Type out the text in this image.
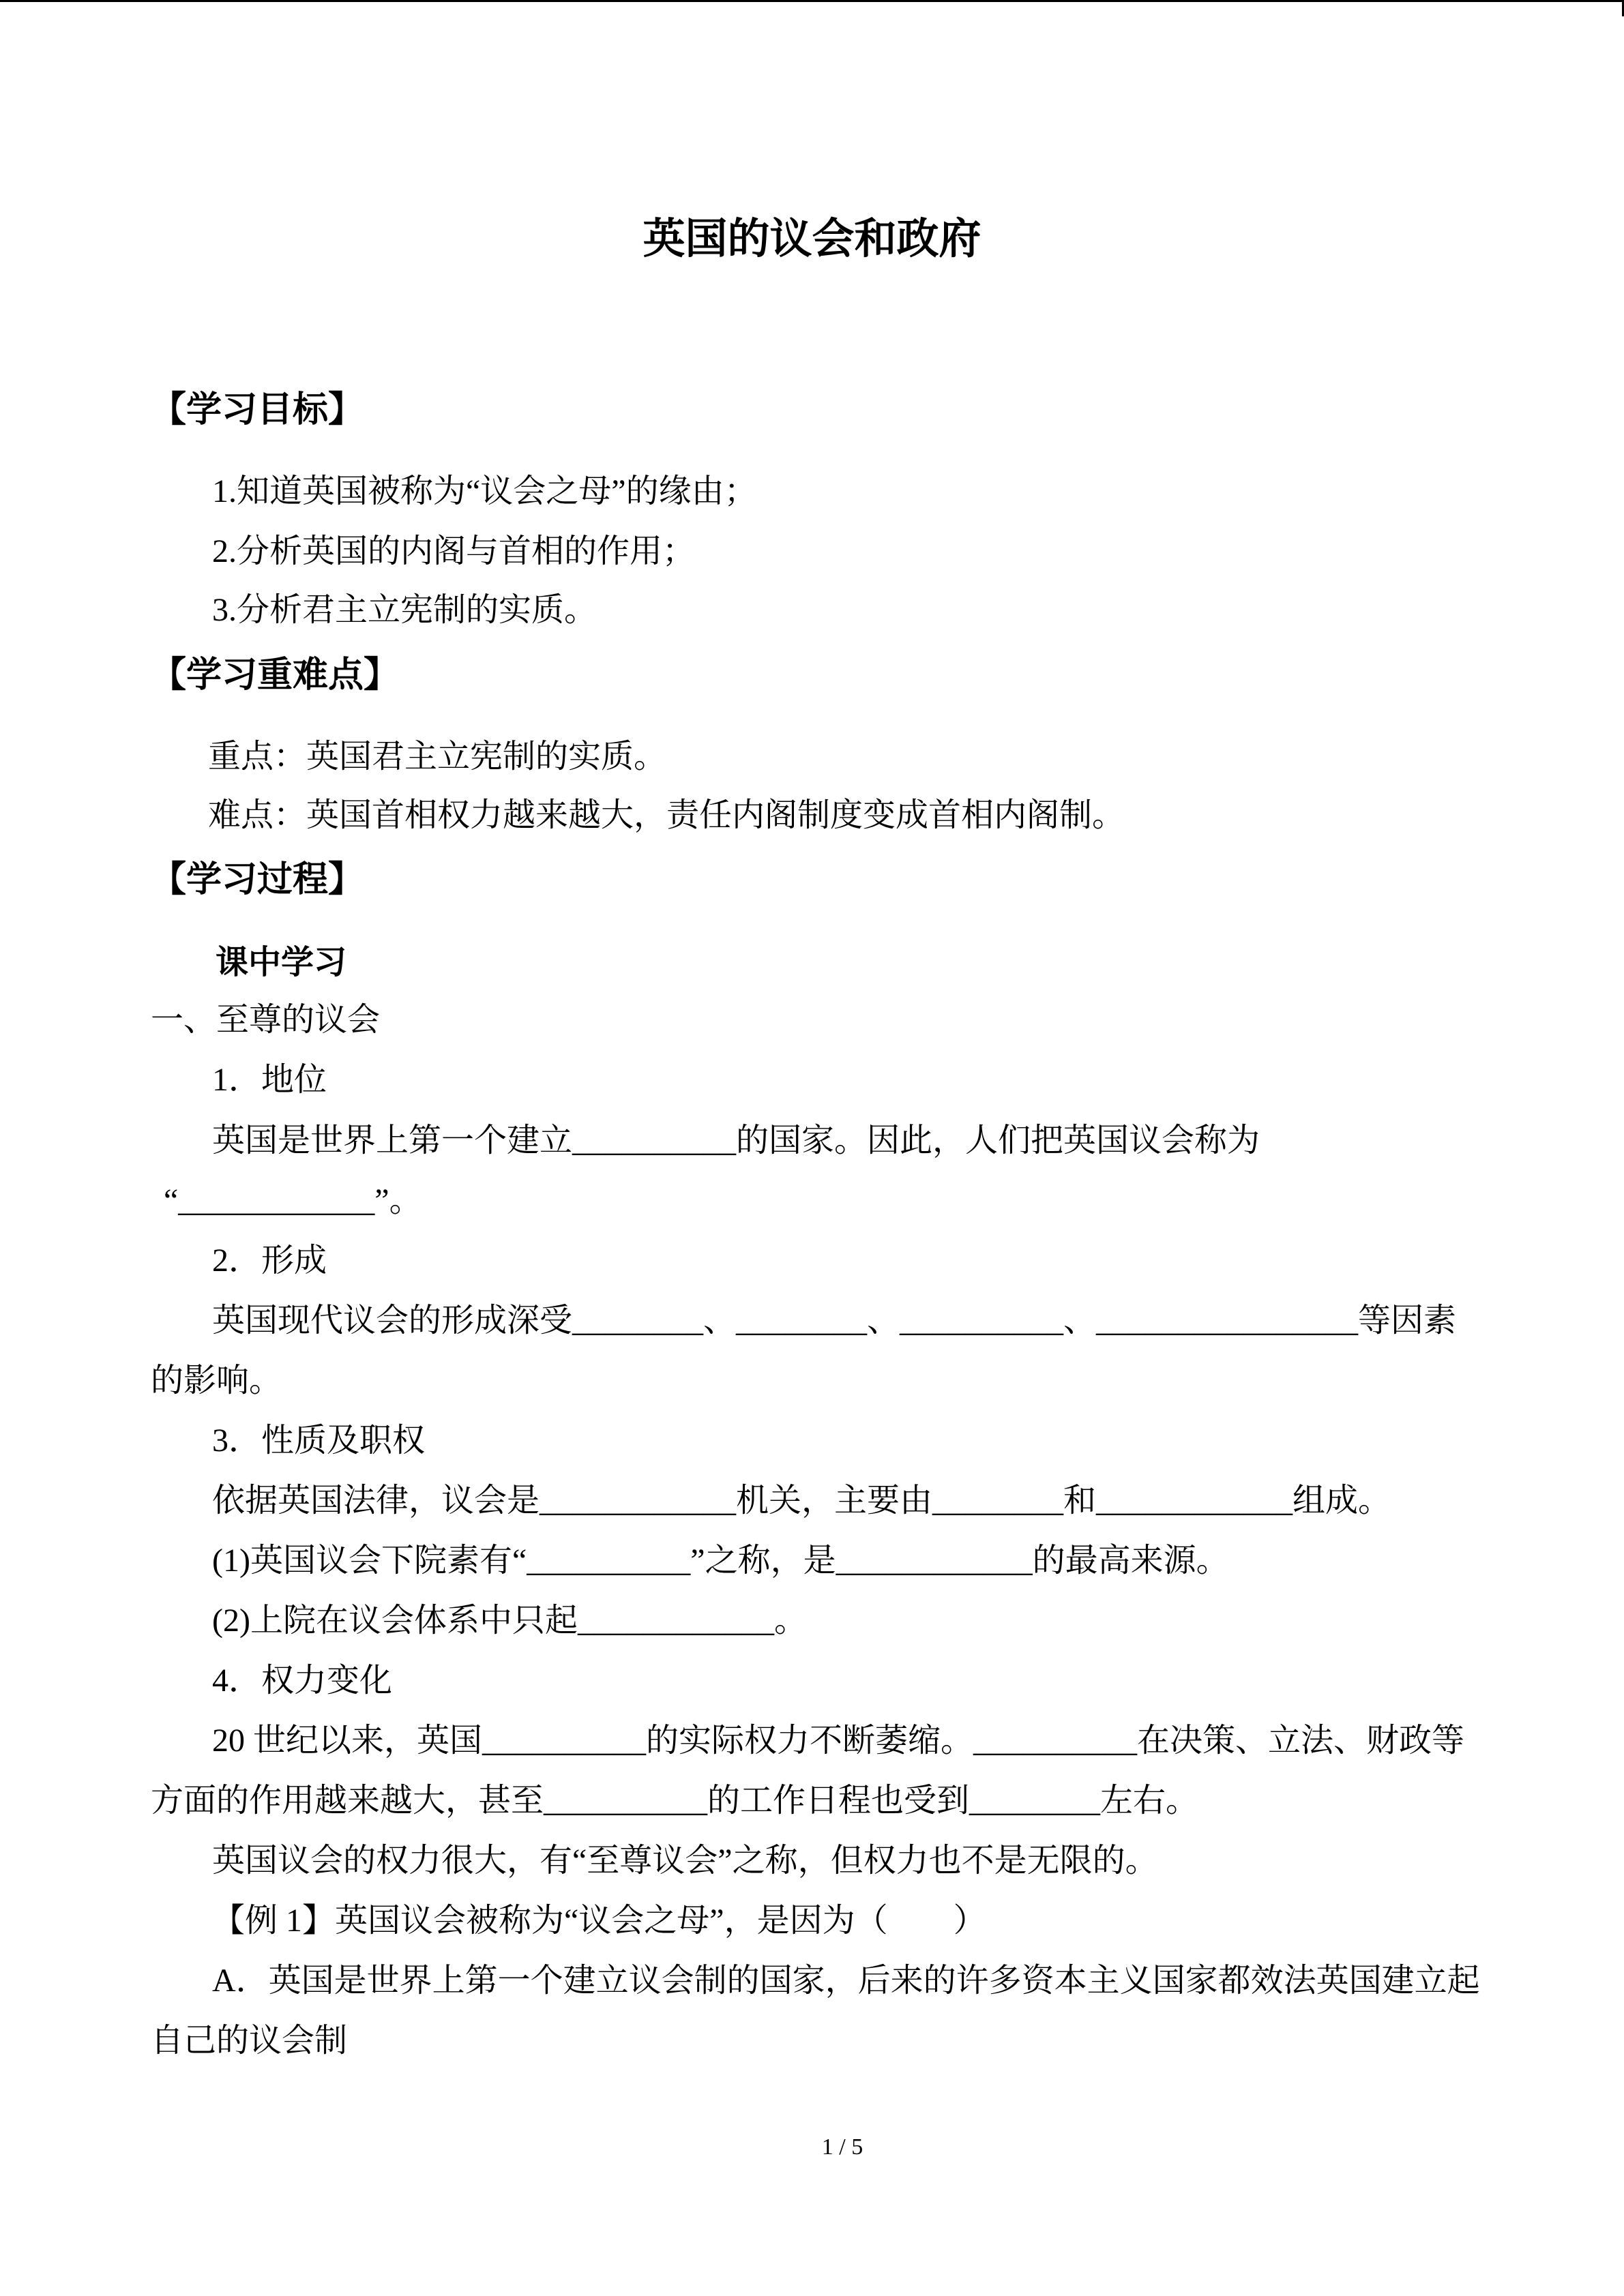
英国的议会和政府
【学习目标】
1.知道英国被称为“议会之母”的缘由；
2.分析英国的内阁与首相的作用；
3.分析君主立宪制的实质。
【学习重难点】
重点：英国君主立宪制的实质。
难点：英国首相权力越来越大，责任内阁制度变成首相内阁制。
【学习过程】
课中学习
一、至尊的议会
1．地位
英国是世界上第一个建立__________的国家。因此，人们把英国议会称为
“____________”。
2．形成
英国现代议会的形成深受________、________、__________、________________等因素
的影响。
3．性质及职权
依据英国法律，议会是____________机关，主要由________和____________组成。
(1)英国议会下院素有“__________”之称，是____________的最高来源。
(2)上院在议会体系中只起____________。
4．权力变化
20 世纪以来，英国__________的实际权力不断萎缩。__________在决策、立法、财政等
方面的作用越来越大，甚至__________的工作日程也受到________左右。
英国议会的权力很大，有“至尊议会”之称，但权力也不是无限的。
【例 1】英国议会被称为“议会之母”，是因为（　　）
A．英国是世界上第一个建立议会制的国家，后来的许多资本主义国家都效法英国建立起
自己的议会制
1 / 5
